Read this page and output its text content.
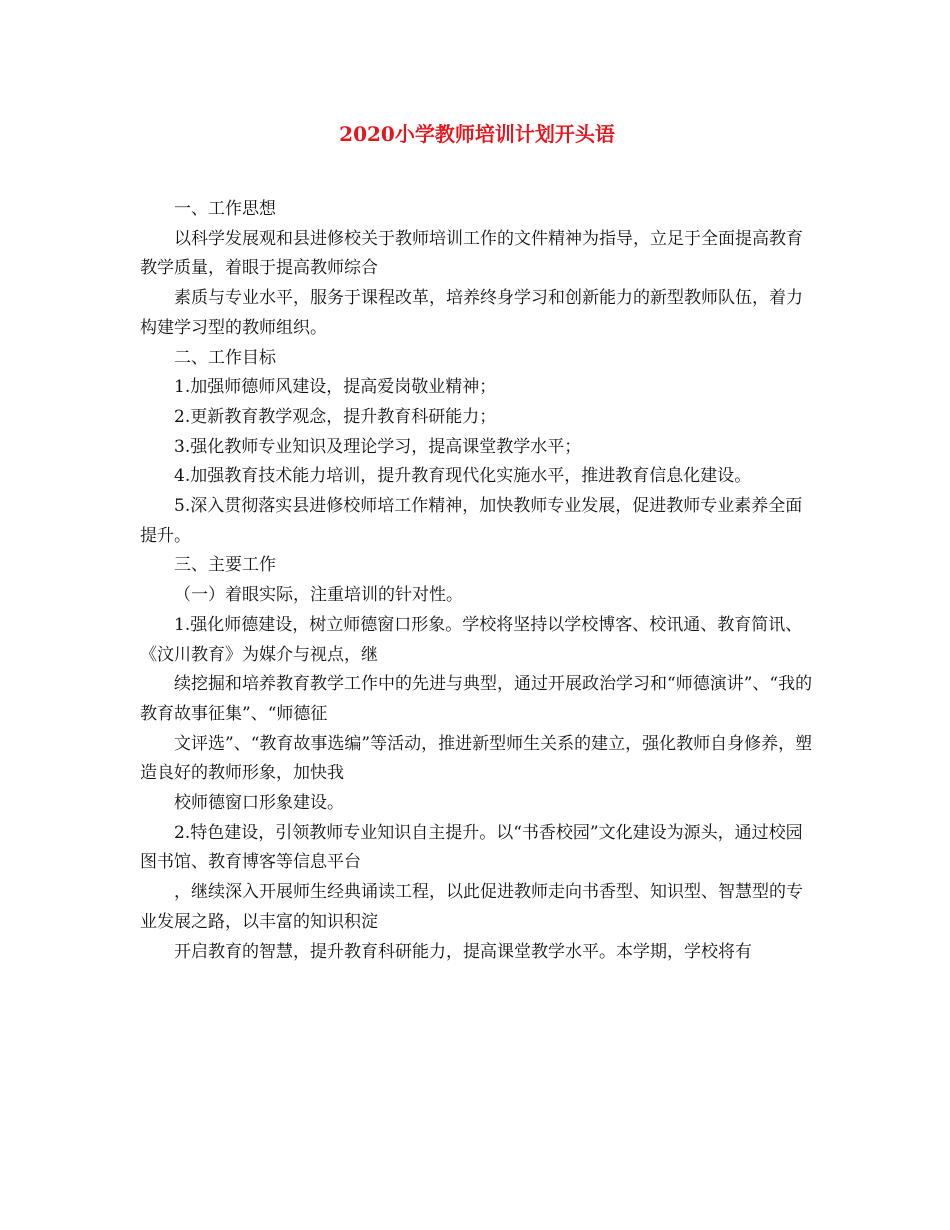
2020小学教师培训计划开头语

一、工作思想

以科学发展观和县进修校关于教师培训工作的文件精神为指导，立足于全面提高教育教学质量，着眼于提高教师综合

素质与专业水平，服务于课程改革，培养终身学习和创新能力的新型教师队伍，着力构建学习型的教师组织。

二、工作目标

1.加强师德师风建设，提高爱岗敬业精神；

2.更新教育教学观念，提升教育科研能力；

3.强化教师专业知识及理论学习，提高课堂教学水平；

4.加强教育技术能力培训，提升教育现代化实施水平，推进教育信息化建设。

5.深入贯彻落实县进修校师培工作精神，加快教师专业发展，促进教师专业素养全面提升。

三、主要工作

（一）着眼实际，注重培训的针对性。

1.强化师德建设，树立师德窗口形象。学校将坚持以学校博客、校讯通、教育简讯、《汶川教育》为媒介与视点，继

续挖掘和培养教育教学工作中的先进与典型，通过开展政治学习和“师德演讲”、“我的教育故事征集”、“师德征

文评选”、“教育故事选编”等活动，推进新型师生关系的建立，强化教师自身修养，塑造良好的教师形象，加快我

校师德窗口形象建设。

2.特色建设，引领教师专业知识自主提升。以“书香校园”文化建设为源头，通过校园图书馆、教育博客等信息平台

，继续深入开展师生经典诵读工程，以此促进教师走向书香型、知识型、智慧型的专业发展之路，以丰富的知识积淀

开启教育的智慧，提升教育科研能力，提高课堂教学水平。本学期，学校将有
